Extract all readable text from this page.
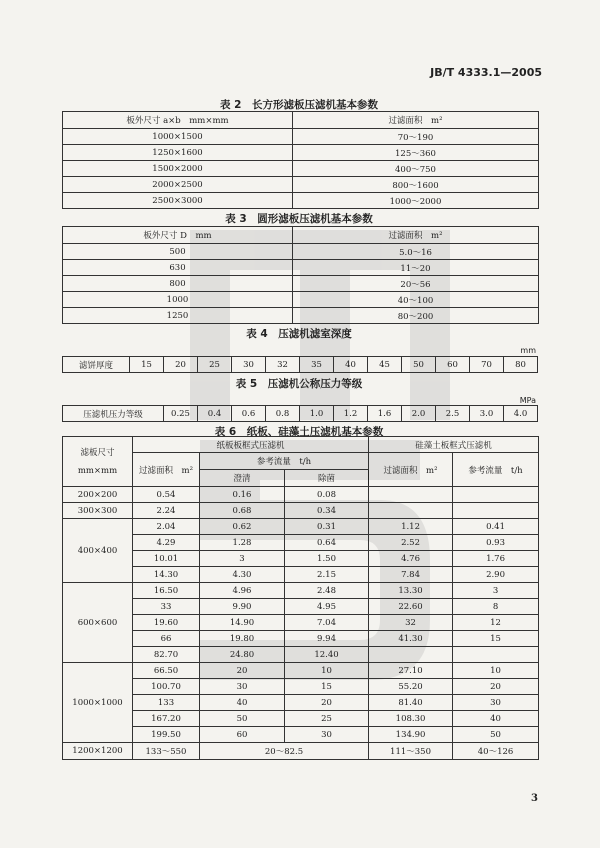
JB/T 4333.1—2005
表 2　长方形滤板压滤机基本参数
板外尺寸 a×b　mm×mm	过滤面积　m²
1000×1500	70～190
1250×1600	125～360
1500×2000	400～750
2000×2500	800～1600
2500×3000	1000～2000
表 3　圆形滤板压滤机基本参数
板外尺寸 D　mm	过滤面积　m²
500	5.0～16
630	11～20
800	20～56
1000	40～100
1250	80～200
表 4　压滤机滤室深度
mm
滤饼厚度	15	20	25	30	32	35	40	45	50	60	70	80
表 5　压滤机公称压力等级
MPa
压滤机压力等级	0.25	0.4	0.6	0.8	1.0	1.2	1.6	2.0	2.5	3.0	4.0
表 6　纸板、硅藻土压滤机基本参数
滤板尺寸
mm×mm	纸板板框式压滤机			硅藻土板框式压滤机	
	过滤面积　m²	参考流量　t/h		过滤面积　m²	参考流量　t/h
		澄清	除菌		
200×200	0.54	0.16	0.08		
300×300	2.24	0.68	0.34		
400×400	2.04	0.62	0.31	1.12	0.41
	4.29	1.28	0.64	2.52	0.93
	10.01	3	1.50	4.76	1.76
	14.30	4.30	2.15	7.84	2.90
600×600	16.50	4.96	2.48	13.30	3
	33	9.90	4.95	22.60	8
	19.60	14.90	7.04	32	12
	66	19.80	9.94	41.30	15
	82.70	24.80	12.40		
1000×1000	66.50	20	10	27.10	10
	100.70	30	15	55.20	20
	133	40	20	81.40	30
	167.20	50	25	108.30	40
	199.50	60	30	134.90	50
1200×1200	133～550	20～82.5		111～350	40～126
3
